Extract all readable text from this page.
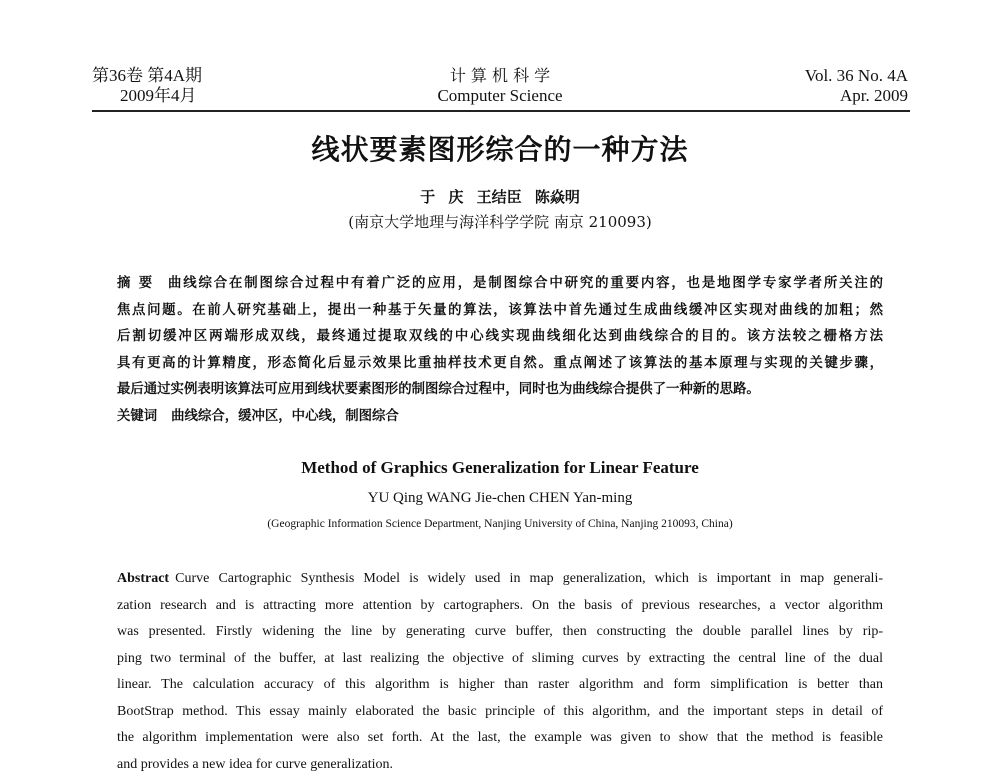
第36卷 第4A期
2009年4月
计 算 机 科 学
Computer Science
Vol. 36 No. 4A
Apr. 2009
线状要素图形综合的一种方法
于 庆 王结臣 陈焱明
(南京大学地理与海洋科学学院 南京 210093)
摘 要 曲线综合在制图综合过程中有着广泛的应用，是制图综合中研究的重要内容，也是地图学专家学者所关注的
焦点问题。在前人研究基础上，提出一种基于矢量的算法，该算法中首先通过生成曲线缓冲区实现对曲线的加粗；然
后割切缓冲区两端形成双线，最终通过提取双线的中心线实现曲线细化达到曲线综合的目的。该方法较之栅格方法
具有更高的计算精度，形态简化后显示效果比重抽样技术更自然。重点阐述了该算法的基本原理与实现的关键步骤，
最后通过实例表明该算法可应用到线状要素图形的制图综合过程中，同时也为曲线综合提供了一种新的思路。
关键词 曲线综合，缓冲区，中心线，制图综合
Method of Graphics Generalization for Linear Feature
YU Qing WANG Jie-chen CHEN Yan-ming
(Geographic Information Science Department, Nanjing University of China, Nanjing 210093, China)
Abstract Curve Cartographic Synthesis Model is widely used in map generalization, which is important in map generali-
zation research and is attracting more attention by cartographers. On the basis of previous researches, a vector algorithm
was presented. Firstly widening the line by generating curve buffer, then constructing the double parallel lines by rip-
ping two terminal of the buffer, at last realizing the objective of sliming curves by extracting the central line of the dual
linear. The calculation accuracy of this algorithm is higher than raster algorithm and form simplification is better than
BootStrap method. This essay mainly elaborated the basic principle of this algorithm, and the important steps in detail of
the algorithm implementation were also set forth. At the last, the example was given to show that the method is feasible
and provides a new idea for curve generalization.
